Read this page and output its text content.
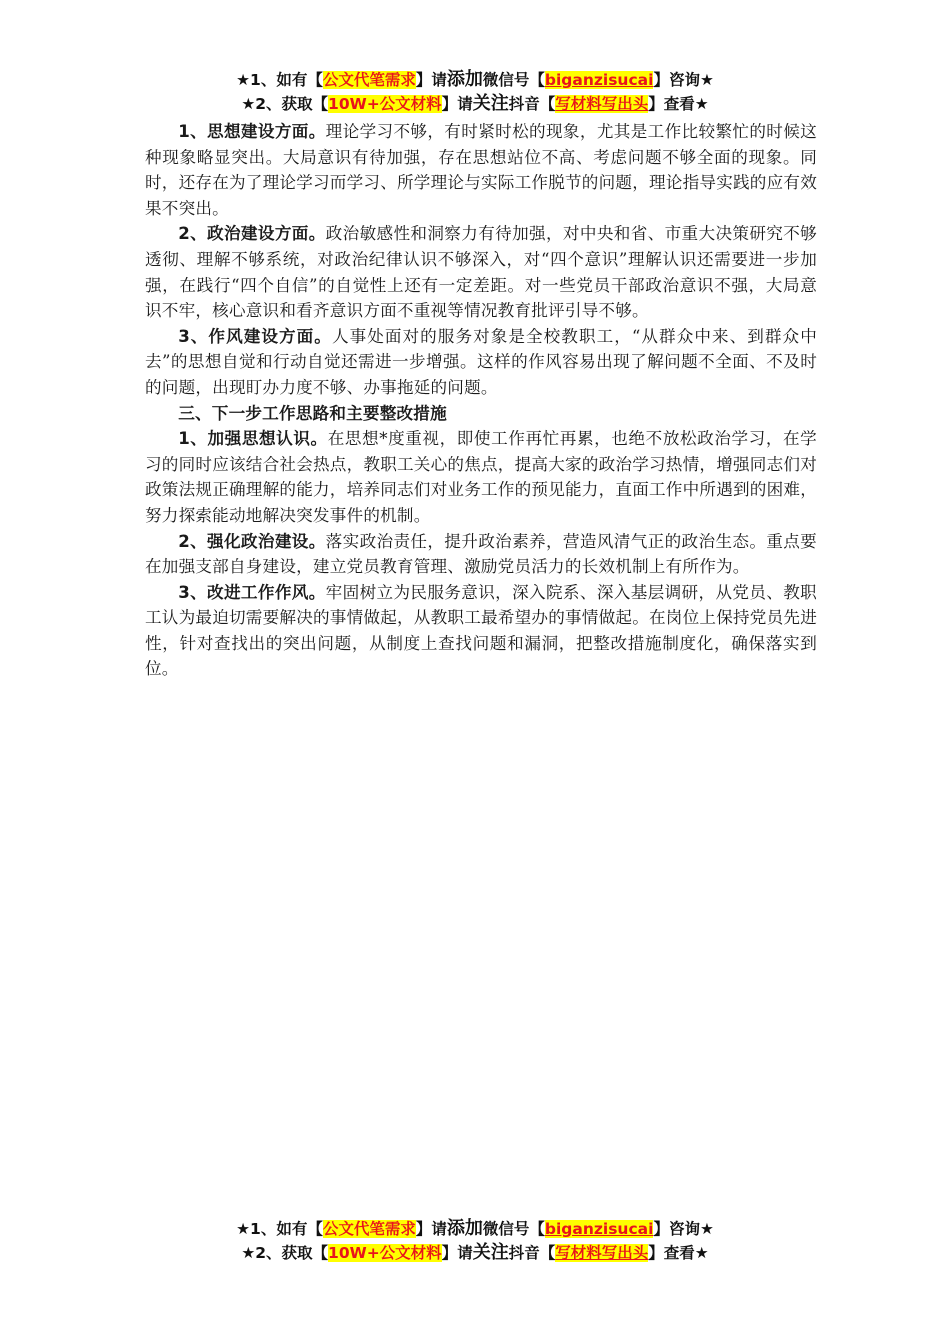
★1、如有【公文代笔需求】请添加微信号【biganzisucai】咨询★
★2、获取【10W+公文材料】请关注抖音【写材料写出头】查看★

1、思想建设方面。理论学习不够，有时紧时松的现象，尤其是工作比较繁忙的时候这种现象略显突出。大局意识有待加强，存在思想站位不高、考虑问题不够全面的现象。同时，还存在为了理论学习而学习、所学理论与实际工作脱节的问题，理论指导实践的应有效果不突出。

2、政治建设方面。政治敏感性和洞察力有待加强，对中央和省、市重大决策研究不够透彻、理解不够系统，对政治纪律认识不够深入，对“四个意识”理解认识还需要进一步加强，在践行“四个自信”的自觉性上还有一定差距。对一些党员干部政治意识不强，大局意识不牢，核心意识和看齐意识方面不重视等情况教育批评引导不够。

3、作风建设方面。人事处面对的服务对象是全校教职工，“从群众中来、到群众中去”的思想自觉和行动自觉还需进一步增强。这样的作风容易出现了解问题不全面、不及时的问题，出现盯办力度不够、办事拖延的问题。

三、下一步工作思路和主要整改措施

1、加强思想认识。在思想*度重视，即使工作再忙再累，也绝不放松政治学习，在学习的同时应该结合社会热点，教职工关心的焦点，提高大家的政治学习热情，增强同志们对政策法规正确理解的能力，培养同志们对业务工作的预见能力，直面工作中所遇到的困难，努力探索能动地解决突发事件的机制。

2、强化政治建设。落实政治责任，提升政治素养，营造风清气正的政治生态。重点要在加强支部自身建设，建立党员教育管理、激励党员活力的长效机制上有所作为。

3、改进工作作风。牢固树立为民服务意识，深入院系、深入基层调研，从党员、教职工认为最迫切需要解决的事情做起，从教职工最希望办的事情做起。在岗位上保持党员先进性，针对查找出的突出问题，从制度上查找问题和漏洞，把整改措施制度化，确保落实到位。

★1、如有【公文代笔需求】请添加微信号【biganzisucai】咨询★
★2、获取【10W+公文材料】请关注抖音【写材料写出头】查看★
